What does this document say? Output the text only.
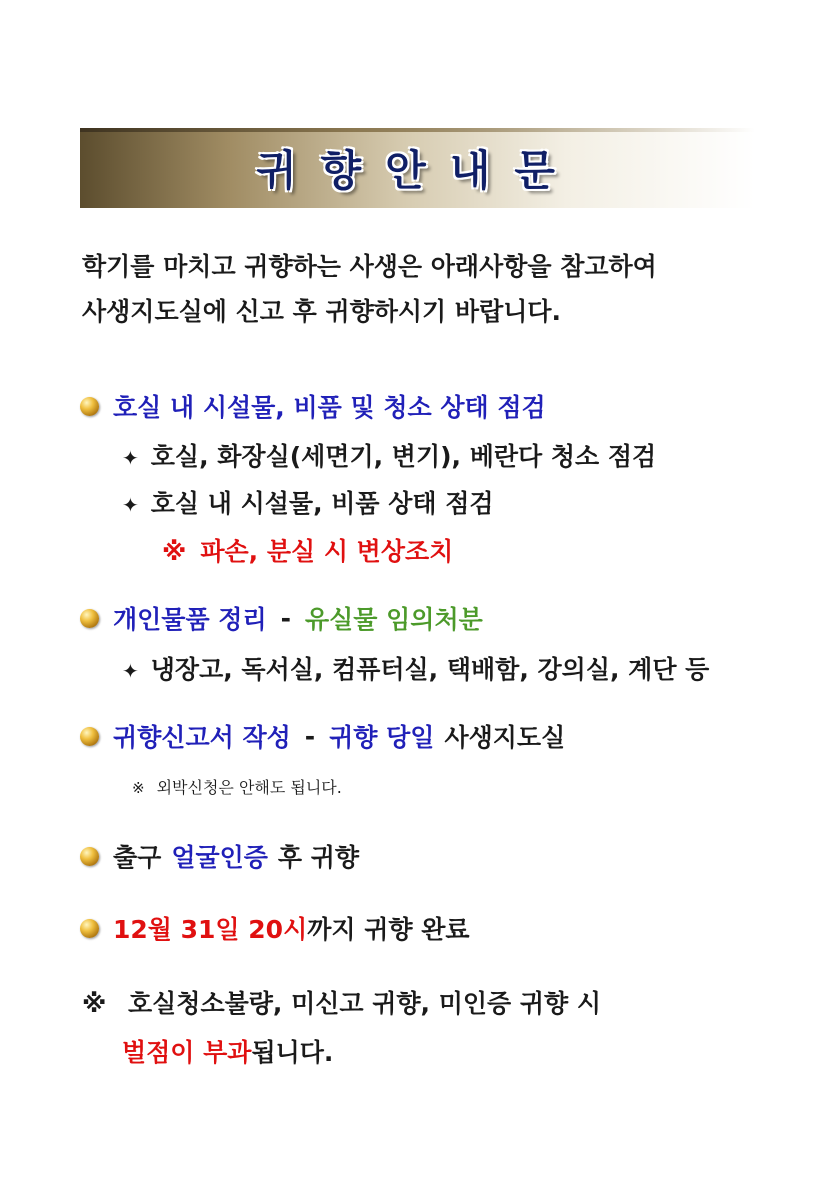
귀향안내문
학기를 마치고 귀향하는 사생은 아래사항을 참고하여
사생지도실에 신고 후 귀향하시기 바랍니다.
호실 내 시설물, 비품 및 청소 상태 점검
✦ 호실, 화장실(세면기, 변기), 베란다 청소 점검
✦ 호실 내 시설물, 비품 상태 점검
※ 파손, 분실 시 변상조치
개인물품 정리 - 유실물 임의처분
✦ 냉장고, 독서실, 컴퓨터실, 택배함, 강의실, 계단 등
귀향신고서 작성 - 귀향 당일 사생지도실
※ 외박신청은 안해도 됩니다.
출구 얼굴인증 후 귀향
12월 31일 20시 까지 귀향 완료
※ 호실청소불량, 미신고 귀향, 미인증 귀향 시
벌점이 부과됩니다.
